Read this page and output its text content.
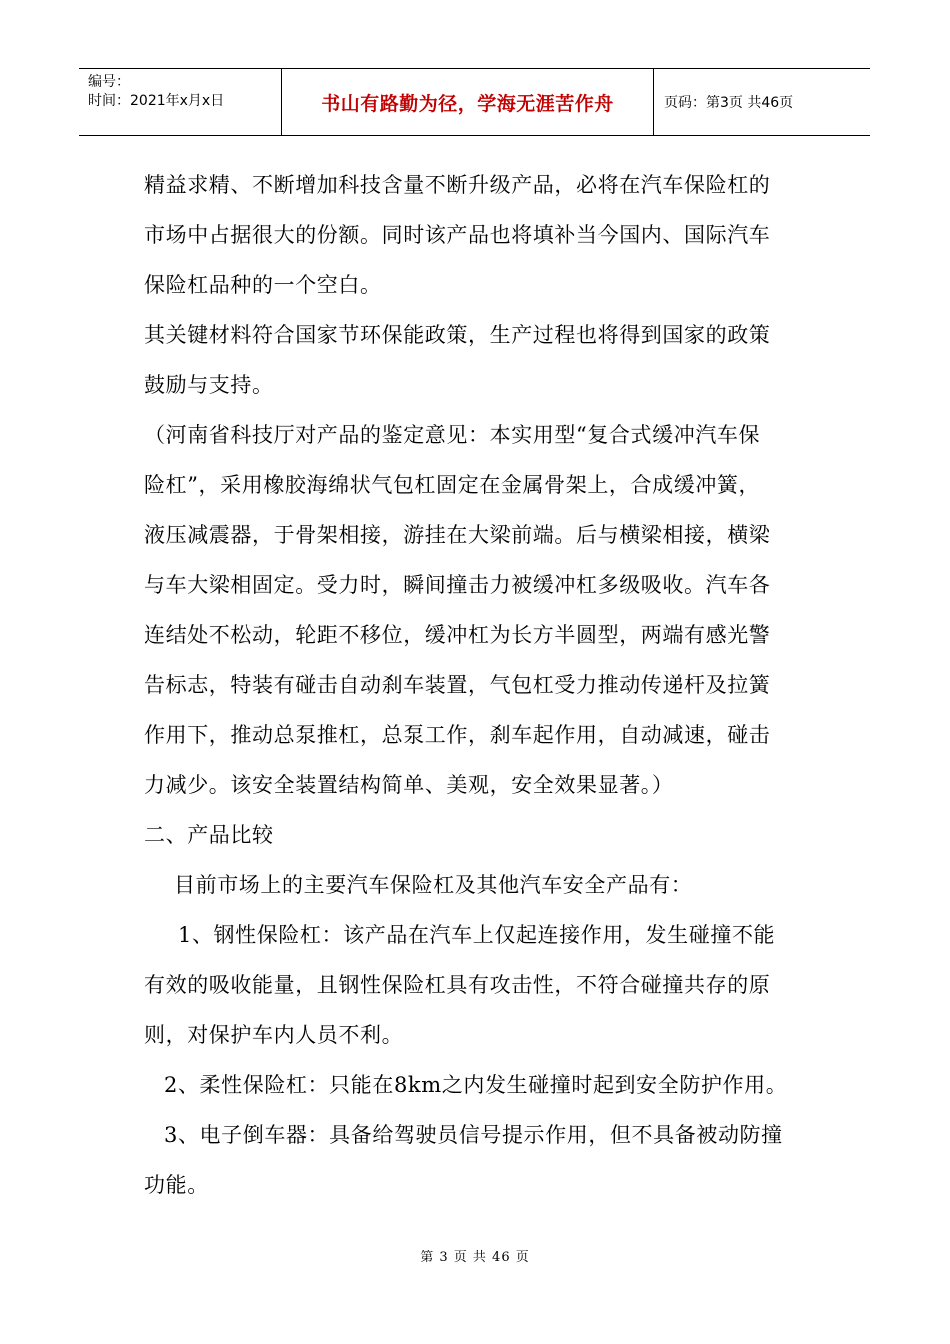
编号：
时间：2021年x月x日	书山有路勤为径，学海无涯苦作舟	页码：第3页 共46页

精益求精、不断增加科技含量不断升级产品，必将在汽车保险杠的

市场中占据很大的份额。同时该产品也将填补当今国内、国际汽车

保险杠品种的一个空白。

其关键材料符合国家节环保能政策，生产过程也将得到国家的政策

鼓励与支持。

（河南省科技厅对产品的鉴定意见：本实用型“复合式缓冲汽车保

险杠”，采用橡胶海绵状气包杠固定在金属骨架上，合成缓冲簧，

液压减震器，于骨架相接，游挂在大梁前端。后与横梁相接，横梁

与车大梁相固定。受力时，瞬间撞击力被缓冲杠多级吸收。汽车各

连结处不松动，轮距不移位，缓冲杠为长方半圆型，两端有感光警

告标志，特装有碰击自动刹车装置，气包杠受力推动传递杆及拉簧

作用下，推动总泵推杠，总泵工作，刹车起作用，自动减速，碰击

力减少。该安全装置结构简单、美观，安全效果显著。）

二、产品比较

目前市场上的主要汽车保险杠及其他汽车安全产品有：

1、钢性保险杠：该产品在汽车上仅起连接作用，发生碰撞不能

有效的吸收能量，且钢性保险杠具有攻击性，不符合碰撞共存的原

则，对保护车内人员不利。

2、柔性保险杠：只能在8km之内发生碰撞时起到安全防护作用。

3、电子倒车器：具备给驾驶员信号提示作用，但不具备被动防撞

功能。

第 3 页 共 46 页
